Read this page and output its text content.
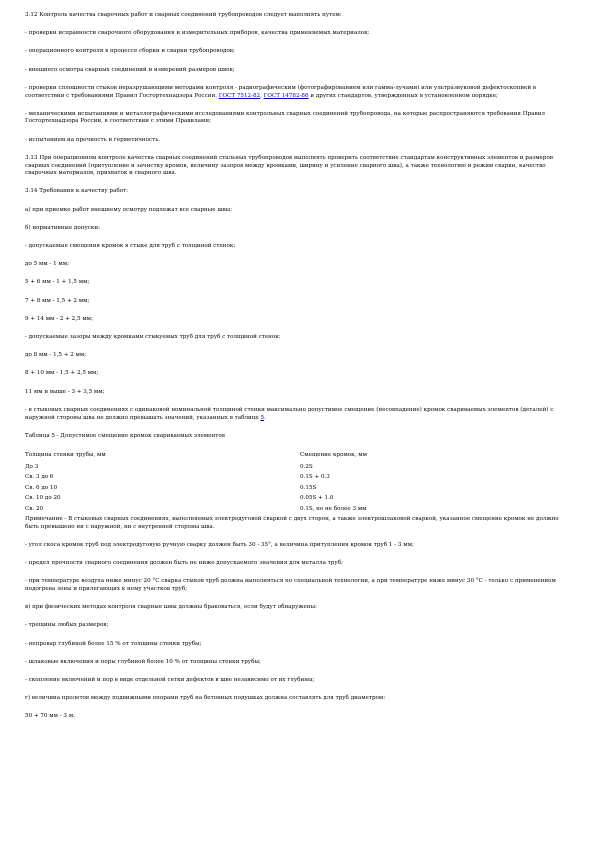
3.12 Контроль качества сварочных работ и сварных соединений трубопроводов следует выполнять путем:

- проверки исправности сварочного оборудования и измерительных приборов, качества применяемых материалов;

- операционного контроля в процессе сборки и сварки трубопроводов;

- внешнего осмотра сварных соединений и измерений размеров швов;

- проверки сплошности стыков неразрушающими методами контроля - радиографическим (фотографированием или гамма-лучами) или ультразвуковой дефектоскопией в соответствии с требованиями Правил Госгортехнадзора России, ГОСТ 7512-82, ГОСТ 14782-86 и других стандартов, утвержденных в установленном порядке;

- механическими испытаниями и металлографическими исследованиями контрольных сварных соединений трубопровода, на которые распространяются требования Правил Госгортехнадзора России, в соответствии с этими Правилами;

- испытанием на прочность и герметичность.

3.13 При операционном контроле качества сварных соединений стальных трубопроводов выполнять проверить соответствие стандартам конструктивных элементов и размеров сварных соединений (притупление и зачистку кромок, величину зазоров между кромками, ширину и усиление сварного шва), а также технологию и режим сварки, качество сварочных материалов, прихваток и сварного шва.

3.14 Требования к качеству работ:

а) при приемке работ внешнему осмотру подлежат все сварные швы;

б) нормативные допуски:

- допускаемые смещения кромок в стыке для труб с толщиной стенок:

до 5 мм - 1 мм;

5 + 6 мм - 1 + 1,5 мм;

7 + 8 мм - 1,5 + 2 мм;

9 + 14 мм - 2 + 2,5 мм;

- допускаемые зазоры между кромками стыкуемых труб для труб с толщиной стенок:

до 8 мм - 1,5 + 2 мм;

8 + 10 мм - 1,5 + 2,5 мм;

11 мм и выше - 3 + 3,5 мм;

- в стыковых сварных соединениях с одинаковой номинальной толщиной стенки максимально допустимое смещение (несовпадение) кромок свариваемых элементов (деталей) с наружной стороны шва не должно превышать значений, указанных в таблице 5.

Таблица 5 - Допустимое смещение кромок свариваемых элементов

Толщина стенки трубы, мм	Смещение кромок, мм
До 3	0.2S
Св. 3 до 6	0.1S + 0.3
Св. 6 до 10	0.15S
Св. 10 до 20	0.05S + 1.0
Св. 20	0.1S, но не более 3 мм

Примечание - В стыковых сварных соединениях, выполняемых электродуговой сваркой с двух сторон, а также электрошлаковой сваркой, указанное смещение кромок не должно быть превышено ни с наружной, ни с внутренней стороны шва.

- угол скоса кромок труб под электродуговую ручную сварку должен быть 30 - 35°, а величина притупления кромок труб 1 - 3 мм;

- предел прочности сварного соединения должен быть не ниже допускаемого значения для металла труб;

- при температуре воздуха ниже минус 20 °С сварка стыков труб должна выполняться по специальной технологии, а при температуре ниже минус 30 °С - только с применением подогрева зоны и прилегающих к нему участков труб;

в) при физических методах контроля сварные швы должны браковаться, если будут обнаружены:

- трещины любых размеров;

- непровар глубиной более 15 % от толщины стенки трубы;

- шлаковые включения и поры глубиной более 10 % от толщины стенки трубы;

- скопление включений и пор в виде отдельной сетки дефектов в шве независимо от их глубины;

г) величина пролетов между подвижными опорами труб на бетонных подушках должна составлять для труб диаметром:

50 + 70 мм - 3 м;
